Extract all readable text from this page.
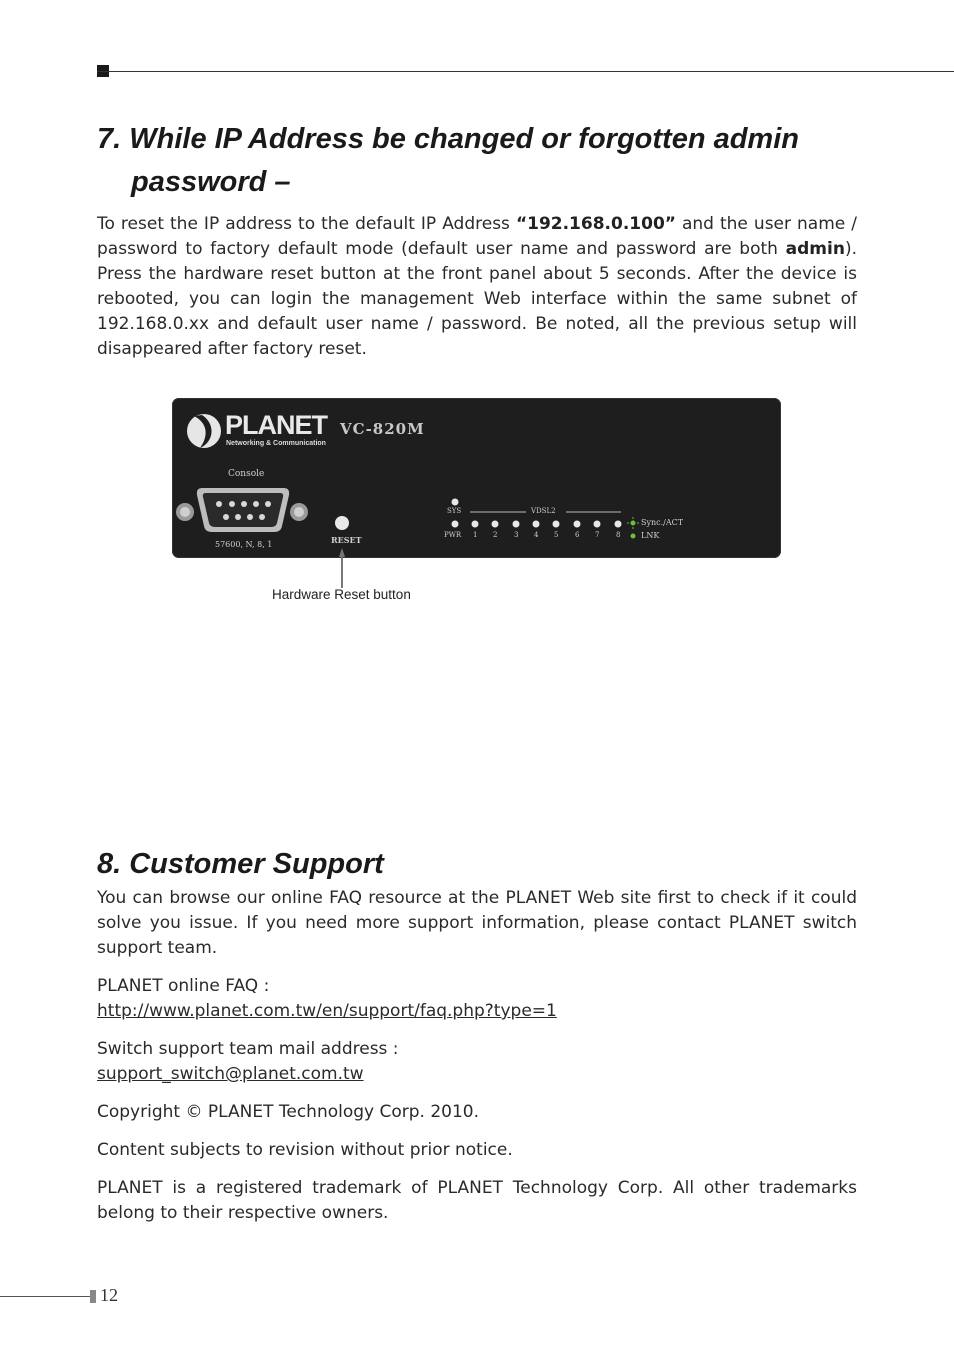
7. While IP Address be changed or forgotten admin
password –

To reset the IP address to the default IP Address “192.168.0.100” and the user name / password to factory default mode (default user name and password are both admin). Press the hardware reset button at the front panel about 5 seconds. After the device is rebooted, you can login the management Web interface within the same subnet of 192.168.0.xx and default user name / password. Be noted, all the previous setup will disappeared after factory reset.

PLANET
Networking & Communication
VC-820M
Console
57600, N, 8, 1	RESET
SYS	VDSL2
PWR 1 2 3 4 5 6 7 8
Sync./ACT
LNK
Hardware Reset button
8. Customer Support

You can browse our online FAQ resource at the PLANET Web site first to check if it could solve you issue. If you need more support information, please contact PLANET switch support team.

PLANET online FAQ :
http://www.planet.com.tw/en/support/faq.php?type=1

Switch support team mail address :
support_switch@planet.com.tw

Copyright © PLANET Technology Corp. 2010.

Content subjects to revision without prior notice.

PLANET is a registered trademark of PLANET Technology Corp. All other trademarks belong to their respective owners.

12
